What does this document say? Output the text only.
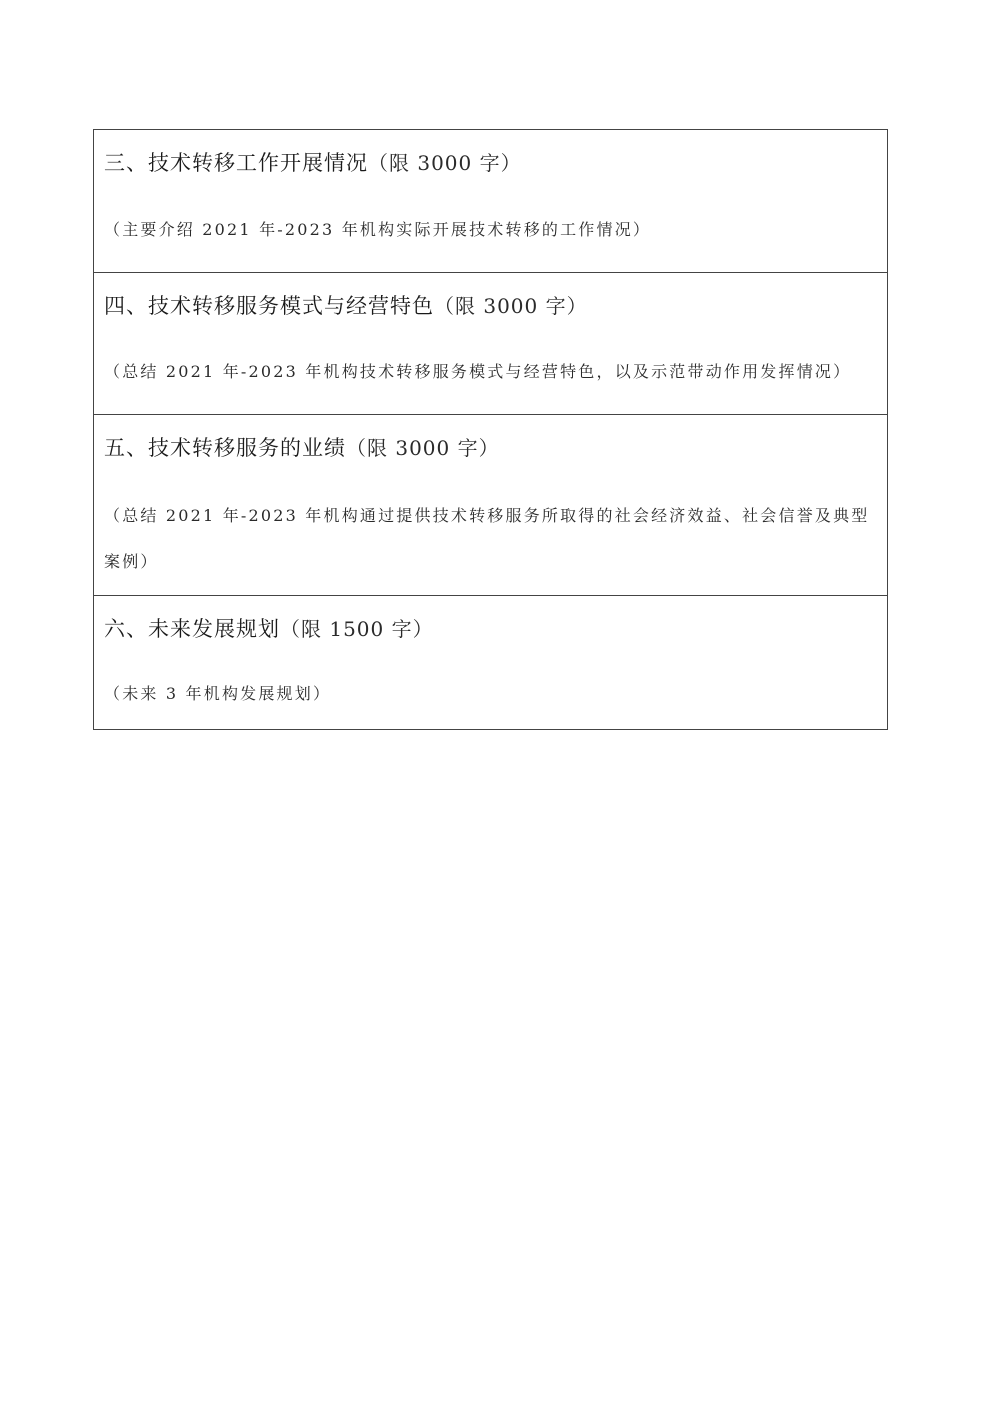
三、技术转移工作开展情况（限 3000 字）
（主要介绍 2021 年-2023 年机构实际开展技术转移的工作情况）
四、技术转移服务模式与经营特色（限 3000 字）
（总结 2021 年-2023 年机构技术转移服务模式与经营特色，以及示范带动作用发挥情况）
五、技术转移服务的业绩（限 3000 字）
（总结 2021 年-2023 年机构通过提供技术转移服务所取得的社会经济效益、社会信誉及典型案例）
六、未来发展规划（限 1500 字）
（未来 3 年机构发展规划）
